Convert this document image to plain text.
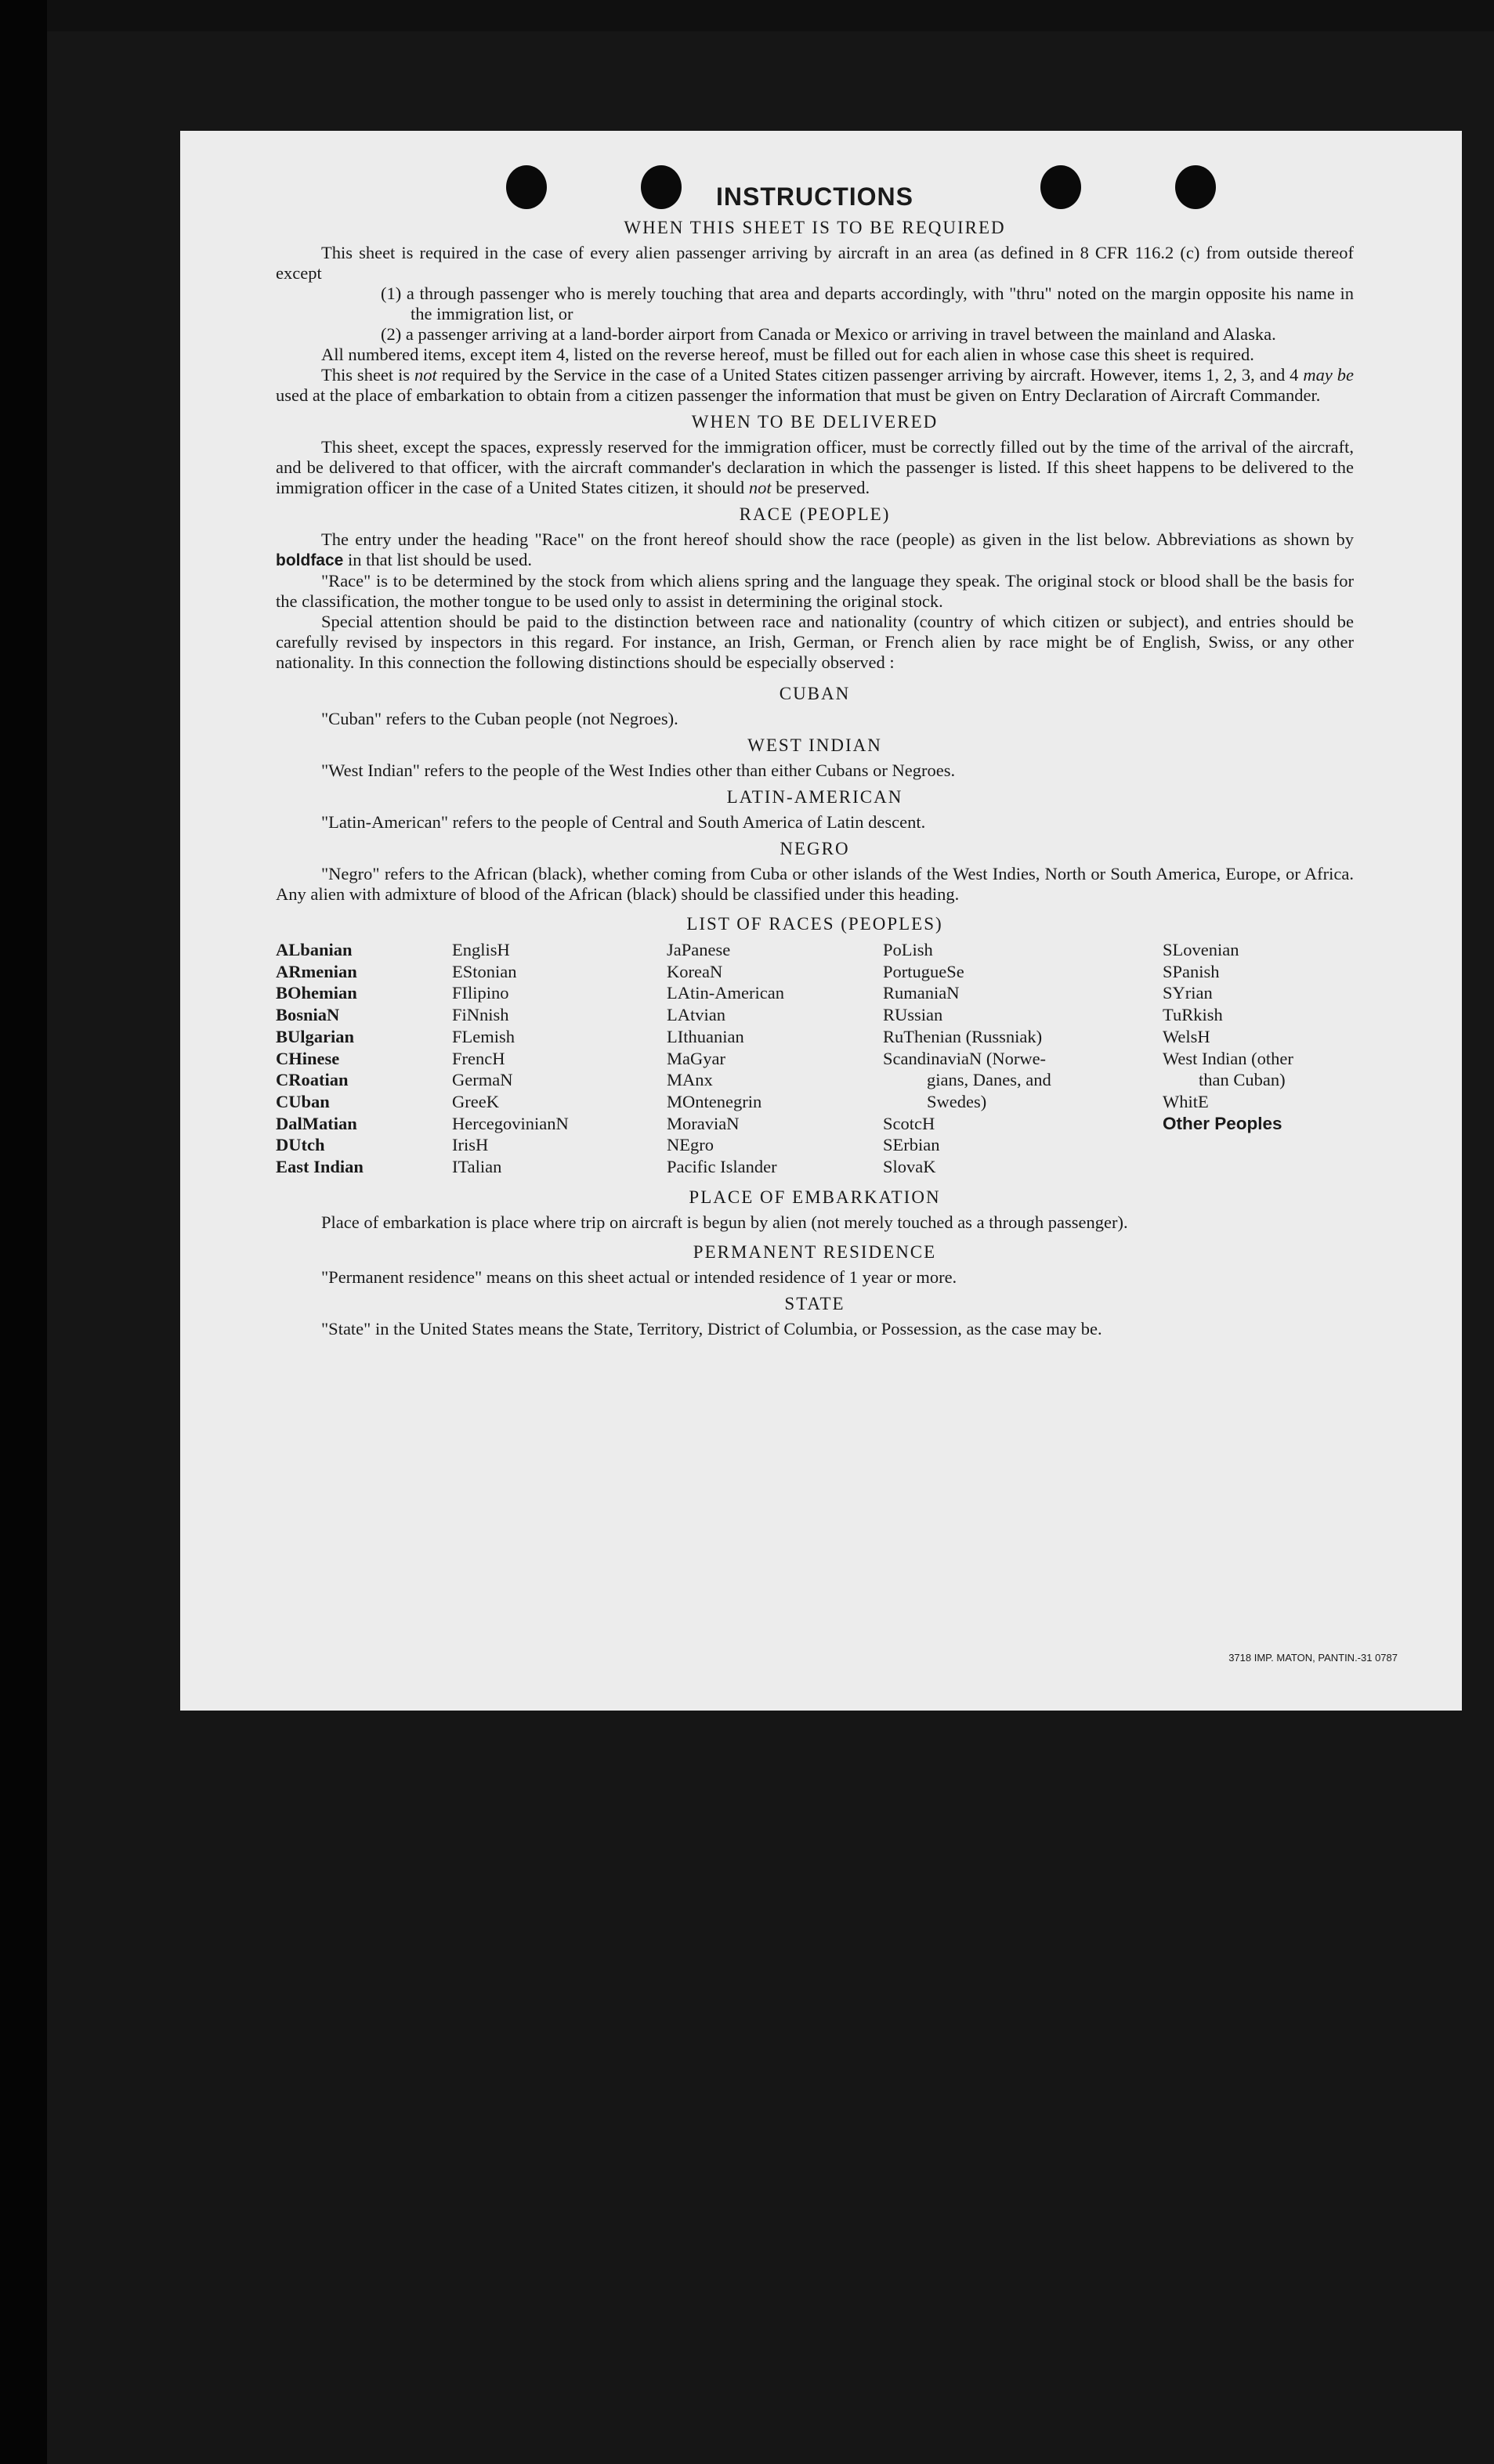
INSTRUCTIONS
WHEN THIS SHEET IS TO BE REQUIRED

This sheet is required in the case of every alien passenger arriving by aircraft in an area (as defined in 8 CFR 116.2 (c) from outside thereof except

(1) a through passenger who is merely touching that area and departs accordingly, with "thru" noted on the margin opposite his name in the immigration list, or

(2) a passenger arriving at a land-border airport from Canada or Mexico or arriving in travel between the mainland and Alaska.

All numbered items, except item 4, listed on the reverse hereof, must be filled out for each alien in whose case this sheet is required.

This sheet is not required by the Service in the case of a United States citizen passenger arriving by aircraft. However, items 1, 2, 3, and 4 may be used at the place of embarkation to obtain from a citizen passenger the information that must be given on Entry Declaration of Aircraft Commander.

WHEN TO BE DELIVERED

This sheet, except the spaces, expressly reserved for the immigration officer, must be correctly filled out by the time of the arrival of the aircraft, and be delivered to that officer, with the aircraft commander's declaration in which the passenger is listed. If this sheet happens to be delivered to the immigration officer in the case of a United States citizen, it should not be preserved.

RACE (PEOPLE)

The entry under the heading "Race" on the front hereof should show the race (people) as given in the list below. Abbreviations as shown by boldface in that list should be used.

"Race" is to be determined by the stock from which aliens spring and the language they speak. The original stock or blood shall be the basis for the classification, the mother tongue to be used only to assist in determining the original stock.

Special attention should be paid to the distinction between race and nationality (country of which citizen or subject), and entries should be carefully revised by inspectors in this regard. For instance, an Irish, German, or French alien by race might be of English, Swiss, or any other nationality. In this connection the following distinctions should be especially observed :

CUBAN

"Cuban" refers to the Cuban people (not Negroes).

WEST INDIAN

"West Indian" refers to the people of the West Indies other than either Cubans or Negroes.

LATIN-AMERICAN

"Latin-American" refers to the people of Central and South America of Latin descent.

NEGRO

"Negro" refers to the African (black), whether coming from Cuba or other islands of the West Indies, North or South America, Europe, or Africa. Any alien with admixture of blood of the African (black) should be classified under this heading.

LIST OF RACES (PEOPLES)
ALbanian
ARmenian
BOhemian
BosniaN
BUlgarian
CHinese
CRoatian
CUban
DalMatian
DUtch
East Indian
EnglisH
EStonian
FIlipino
FiNnish
FLemish
FrencH
GermaN
GreeK
HercegovinianN
IrisH
ITalian
JaPanese
KoreaN
LAtin-American
LAtvian
LIthuanian
MaGyar
MAnx
MOntenegrin
MoraviaN
NEgro
Pacific Islander
PoLish
PortugueSe
RumaniaN
RUssian
RuThenian (Russniak)
ScandinaviaN (Norwe-
gians, Danes, and
Swedes)
ScotcH
SErbian
SlovaK
SLovenian
SPanish
SYrian
TuRkish
WelsH
West Indian (other
than Cuban)
WhitE
Other Peoples
PLACE OF EMBARKATION

Place of embarkation is place where trip on aircraft is begun by alien (not merely touched as a through passenger).

PERMANENT RESIDENCE

"Permanent residence" means on this sheet actual or intended residence of 1 year or more.

STATE

"State" in the United States means the State, Territory, District of Columbia, or Possession, as the case may be.

3718 IMP. MATON, PANTIN.-31 0787
